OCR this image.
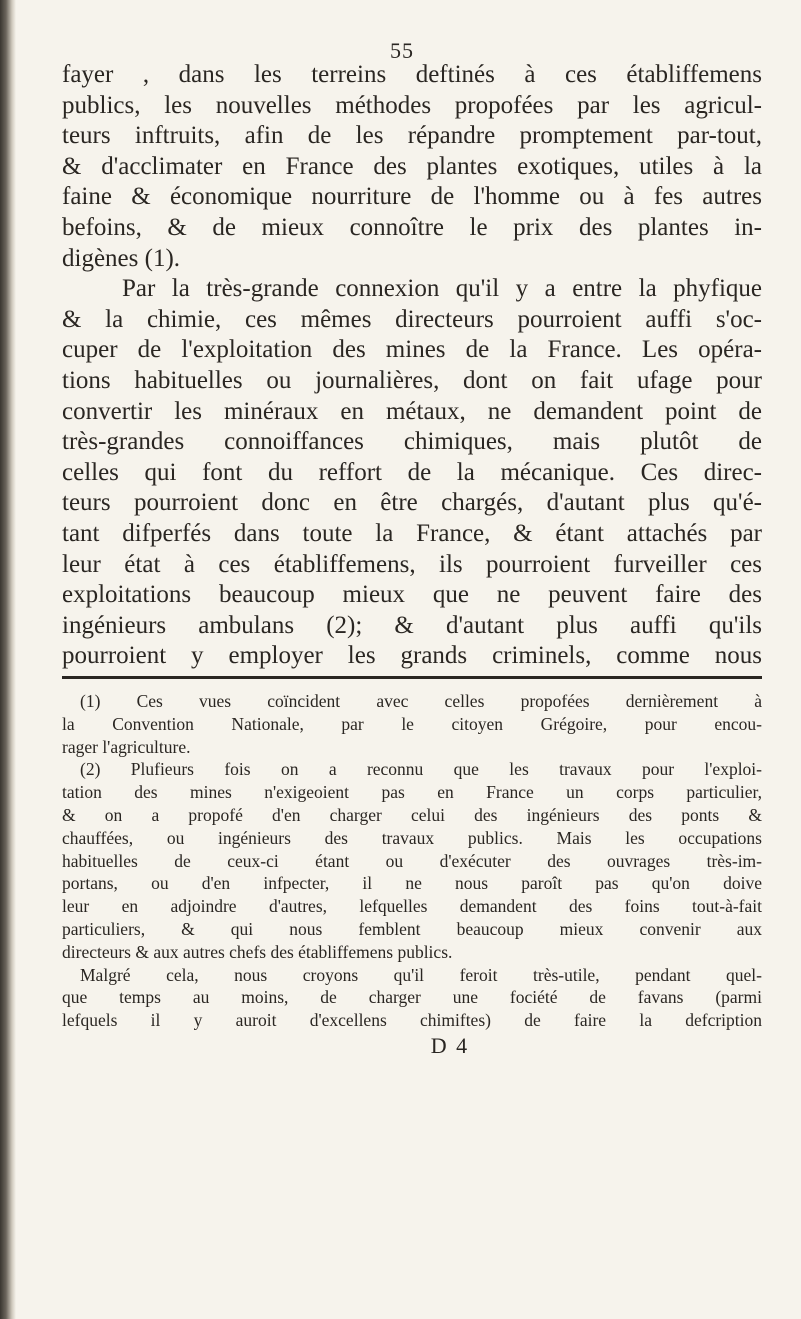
55
fayer , dans les terreins deftinés à ces établiffemens
publics, les nouvelles méthodes propofées par les agricul-
teurs inftruits, afin de les répandre promptement par-tout,
& d'acclimater en France des plantes exotiques, utiles à la
faine & économique nourriture de l'homme ou à fes autres
befoins, & de mieux connoître le prix des plantes in-
digènes (1).
Par la très-grande connexion qu'il y a entre la phyfique
& la chimie, ces mêmes directeurs pourroient auffi s'oc-
cuper de l'exploitation des mines de la France. Les opéra-
tions habituelles ou journalières, dont on fait ufage pour
convertir les minéraux en métaux, ne demandent point de
très-grandes connoiffances chimiques, mais plutôt de
celles qui font du reffort de la mécanique. Ces direc-
teurs pourroient donc en être chargés, d'autant plus qu'é-
tant difperfés dans toute la France, & étant attachés par
leur état à ces établiffemens, ils pourroient furveiller ces
exploitations beaucoup mieux que ne peuvent faire des
ingénieurs ambulans (2); & d'autant plus auffi qu'ils
pourroient y employer les grands criminels, comme nous
(1) Ces vues coïncident avec celles propofées dernièrement à
la Convention Nationale, par le citoyen Grégoire, pour encou-
rager l'agriculture.
(2) Plufieurs fois on a reconnu que les travaux pour l'exploi-
tation des mines n'exigeoient pas en France un corps particulier,
& on a propofé d'en charger celui des ingénieurs des ponts &
chauffées, ou ingénieurs des travaux publics. Mais les occupations
habituelles de ceux-ci étant ou d'exécuter des ouvrages très-im-
portans, ou d'en infpecter, il ne nous paroît pas qu'on doive
leur en adjoindre d'autres, lefquelles demandent des foins tout-à-fait
particuliers, & qui nous femblent beaucoup mieux convenir aux
directeurs & aux autres chefs des établiffemens publics.
Malgré cela, nous croyons qu'il feroit très-utile, pendant quel-
que temps au moins, de charger une fociété de favans (parmi
lefquels il y auroit d'excellens chimiftes) de faire la defcription
D 4
